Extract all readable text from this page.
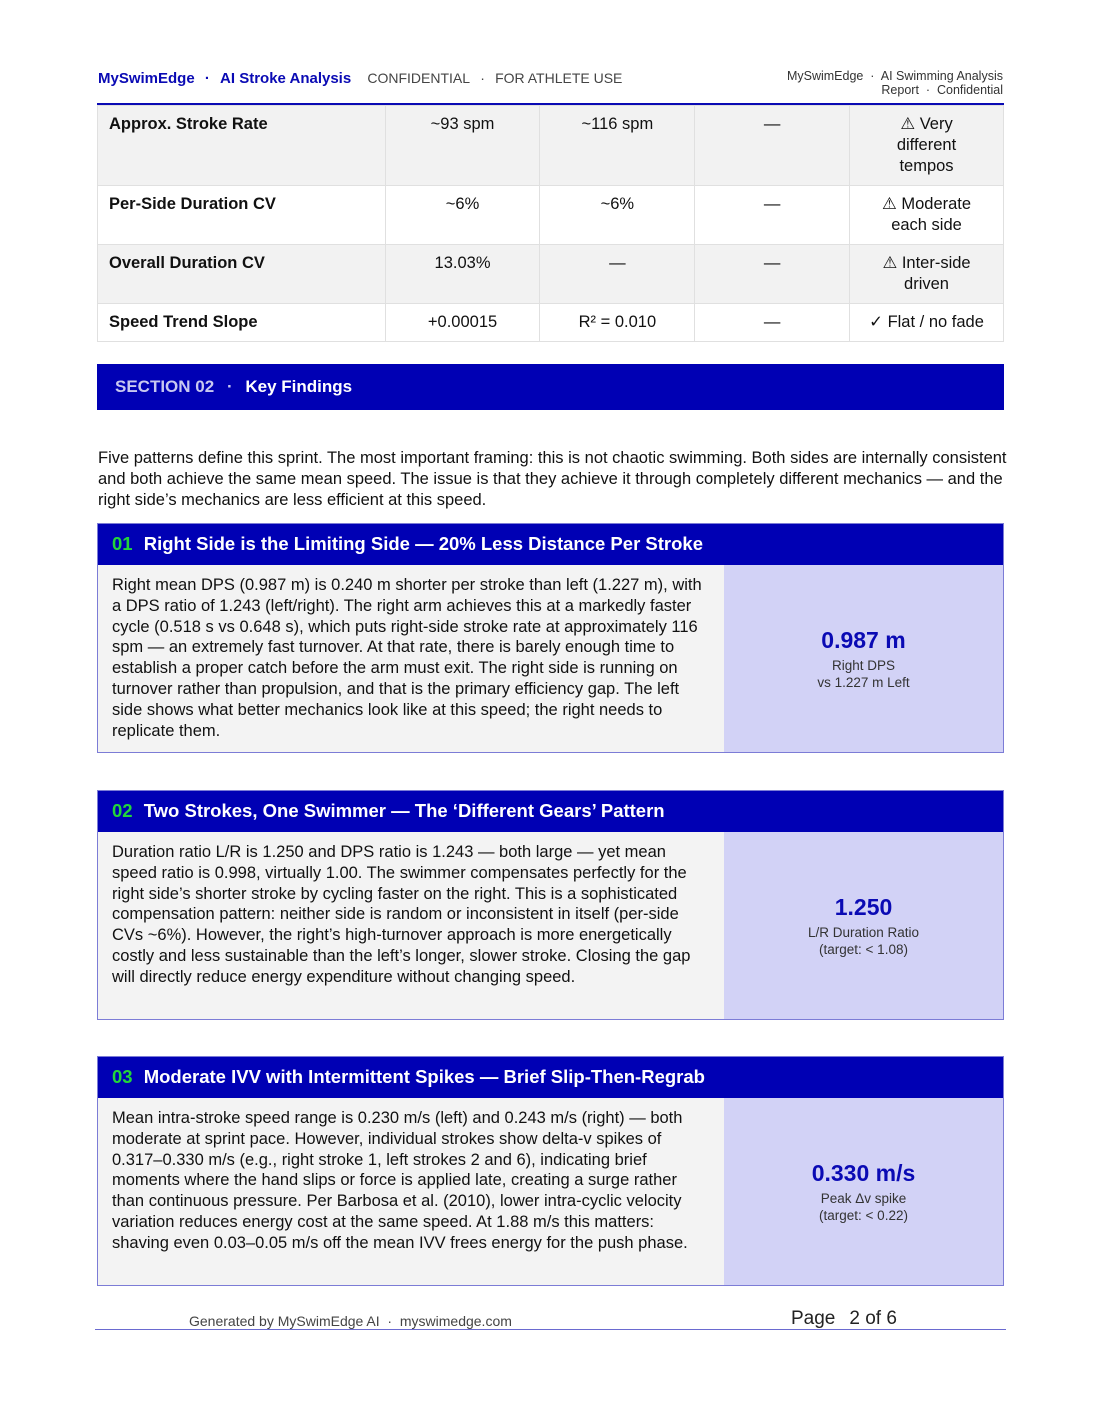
MySwimEdge · AI Stroke Analysis CONFIDENTIAL · FOR ATHLETE USE	MySwimEdge  ·  AI Swimming Analysis
Report  ·  Confidential
Approx. Stroke Rate	~93 spm	~116 spm	—	⚠ Very different tempos
Per-Side Duration CV	~6%	~6%	—	⚠ Moderate each side
Overall Duration CV	13.03%	—	—	⚠ Inter-side driven
Speed Trend Slope	+0.00015	R² = 0.010	—	✓ Flat / no fade
SECTION 02 · Key Findings

Five patterns define this sprint. The most important framing: this is not chaotic swimming. Both sides are internally consistent and both achieve the same mean speed. The issue is that they achieve it through completely different mechanics — and the right side’s mechanics are less efficient at this speed.

01 Right Side is the Limiting Side — 20% Less Distance Per Stroke
Right mean DPS (0.987 m) is 0.240 m shorter per stroke than left (1.227 m), with a DPS ratio of 1.243 (left/right). The right arm achieves this at a markedly faster cycle (0.518 s vs 0.648 s), which puts right-side stroke rate at approximately 116 spm — an extremely fast turnover. At that rate, there is barely enough time to establish a proper catch before the arm must exit. The right side is running on turnover rather than propulsion, and that is the primary efficiency gap. The left side shows what better mechanics look like at this speed; the right needs to replicate them.
0.987 m
Right DPS
vs 1.227 m Left
02 Two Strokes, One Swimmer — The ‘Different Gears’ Pattern
Duration ratio L/R is 1.250 and DPS ratio is 1.243 — both large — yet mean speed ratio is 0.998, virtually 1.00. The swimmer compensates perfectly for the right side’s shorter stroke by cycling faster on the right. This is a sophisticated compensation pattern: neither side is random or inconsistent in itself (per-side CVs ~6%). However, the right’s high-turnover approach is more energetically costly and less sustainable than the left’s longer, slower stroke. Closing the gap will directly reduce energy expenditure without changing speed.
1.250
L/R Duration Ratio
(target: < 1.08)
03 Moderate IVV with Intermittent Spikes — Brief Slip-Then-Regrab
Mean intra-stroke speed range is 0.230 m/s (left) and 0.243 m/s (right) — both moderate at sprint pace. However, individual strokes show delta-v spikes of 0.317–0.330 m/s (e.g., right stroke 1, left strokes 2 and 6), indicating brief moments where the hand slips or force is applied late, creating a surge rather than continuous pressure. Per Barbosa et al. (2010), lower intra-cyclic velocity variation reduces energy cost at the same speed. At 1.88 m/s this matters: shaving even 0.03–0.05 m/s off the mean IVV frees energy for the push phase.
0.330 m/s
Peak Δv spike
(target: < 0.22)
Generated by MySwimEdge AI  ·  myswimedge.com	Page 2 of 6
